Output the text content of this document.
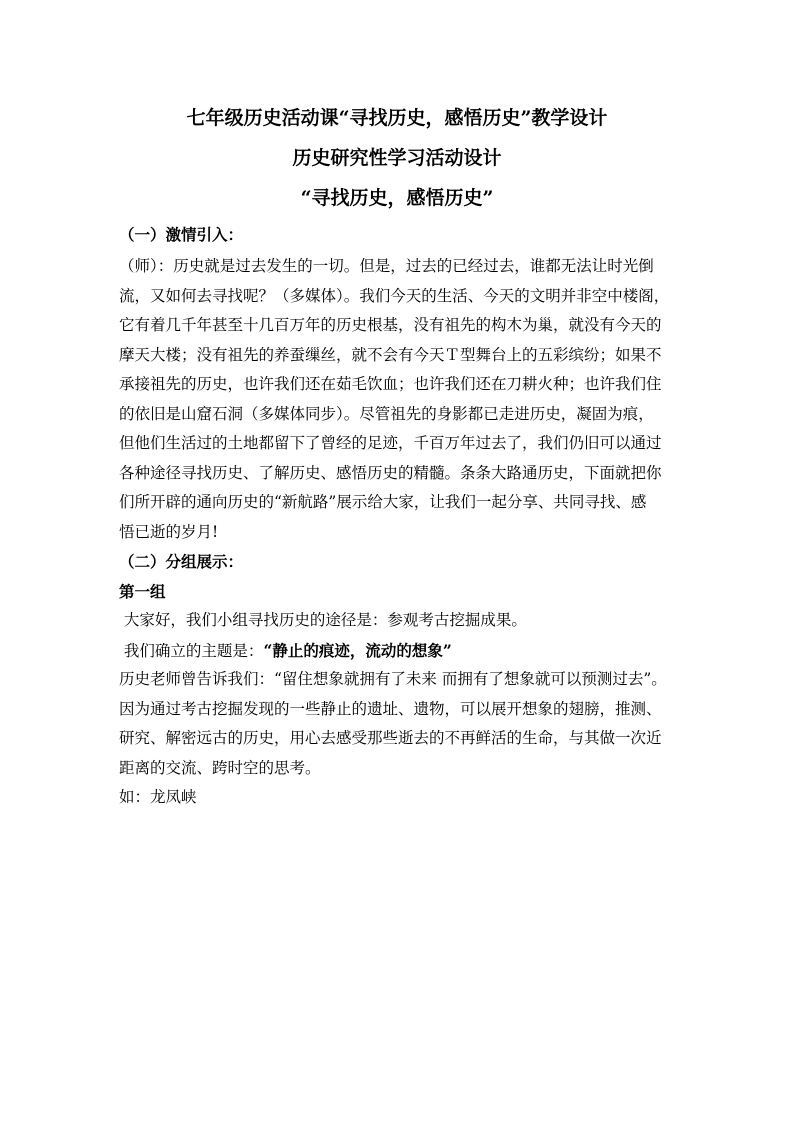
七年级历史活动课“寻找历史，感悟历史”教学设计
历史研究性学习活动设计
“寻找历史，感悟历史”
（一）激情引入：
（师）：历史就是过去发生的一切。但是，过去的已经过去，谁都无法让时光倒
流，又如何去寻找呢？（多媒体）。我们今天的生活、今天的文明并非空中楼阁，
它有着几千年甚至十几百万年的历史根基，没有祖先的构木为巢，就没有今天的
摩天大楼；没有祖先的养蚕缫丝，就不会有今天Ｔ型舞台上的五彩缤纷；如果不
承接祖先的历史，也许我们还在茹毛饮血；也许我们还在刀耕火种；也许我们住
的依旧是山窟石洞（多媒体同步）。尽管祖先的身影都已走进历史，凝固为痕，
但他们生活过的土地都留下了曾经的足迹，千百万年过去了，我们仍旧可以通过
各种途径寻找历史、了解历史、感悟历史的精髓。条条大路通历史，下面就把你
们所开辟的通向历史的“新航路”展示给大家，让我们一起分享、共同寻找、感
悟已逝的岁月!
（二）分组展示：
第一组
大家好，我们小组寻找历史的途径是：参观考古挖掘成果。
我们确立的主题是：“静止的痕迹，流动的想象”
历史老师曾告诉我们：“留住想象就拥有了未来 而拥有了想象就可以预测过去”。
因为通过考古挖掘发现的一些静止的遗址、遗物，可以展开想象的翅膀，推测、
研究、解密远古的历史，用心去感受那些逝去的不再鲜活的生命，与其做一次近
距离的交流、跨时空的思考。
如：龙凤峡
